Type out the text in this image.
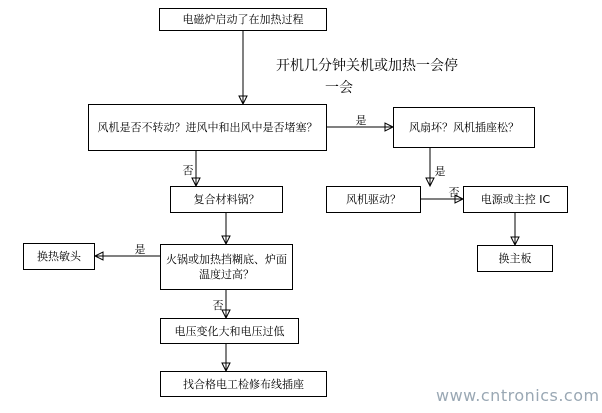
电磁炉启动了在加热过程
开机几分钟关机或加热一会停
一会
风机是否不转动？进风中和出风中是否堵塞？	风扇坏？风机插座松？
复合材料锅？	风机驱动？	电源或主控 IC
换热敏头	火锅或加热挡糊底、炉面温度过高？
换主板
电压变化大和电压过低
找合格电工检修布线插座
是
否	是
否
是
否
www.cntronics.com
